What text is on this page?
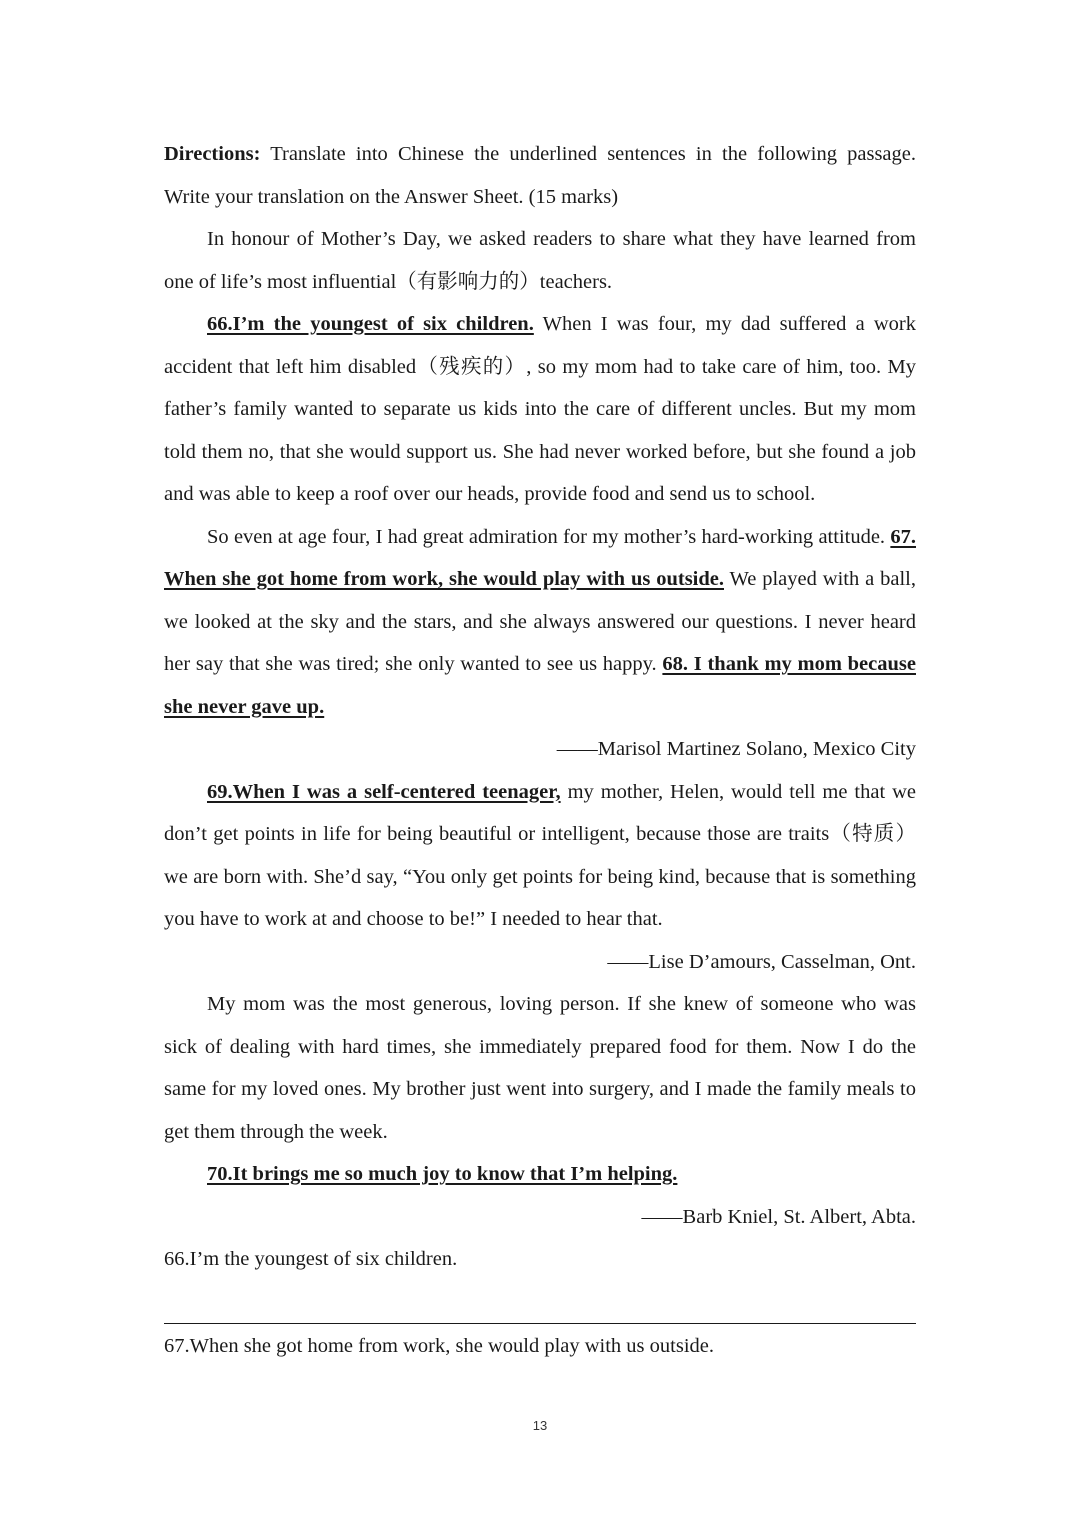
Directions: Translate into Chinese the underlined sentences in the following passage. Write your translation on the Answer Sheet. (15 marks)

In honour of Mother’s Day, we asked readers to share what they have learned from one of life’s most influential（有影响力的）teachers.

66.I’m the youngest of six children. When I was four, my dad suffered a work accident that left him disabled（残疾的）, so my mom had to take care of him, too. My father’s family wanted to separate us kids into the care of different uncles. But my mom told them no, that she would support us. She had never worked before, but she found a job and was able to keep a roof over our heads, provide food and send us to school.

So even at age four, I had great admiration for my mother’s hard-working attitude. 67. When she got home from work, she would play with us outside. We played with a ball, we looked at the sky and the stars, and she always answered our questions. I never heard her say that she was tired; she only wanted to see us happy. 68. I thank my mom because she never gave up.

——Marisol Martinez Solano, Mexico City

69.When I was a self-centered teenager, my mother, Helen, would tell me that we don’t get points in life for being beautiful or intelligent, because those are traits（特质）we are born with. She’d say, “You only get points for being kind, because that is something you have to work at and choose to be!” I needed to hear that.

——Lise D’amours, Casselman, Ont.

My mom was the most generous, loving person. If she knew of someone who was sick of dealing with hard times, she immediately prepared food for them. Now I do the same for my loved ones. My brother just went into surgery, and I made the family meals to get them through the week.

70.It brings me so much joy to know that I’m helping.

——Barb Kniel, St. Albert, Abta.

66.I’m the youngest of six children.

67.When she got home from work, she would play with us outside.

13
